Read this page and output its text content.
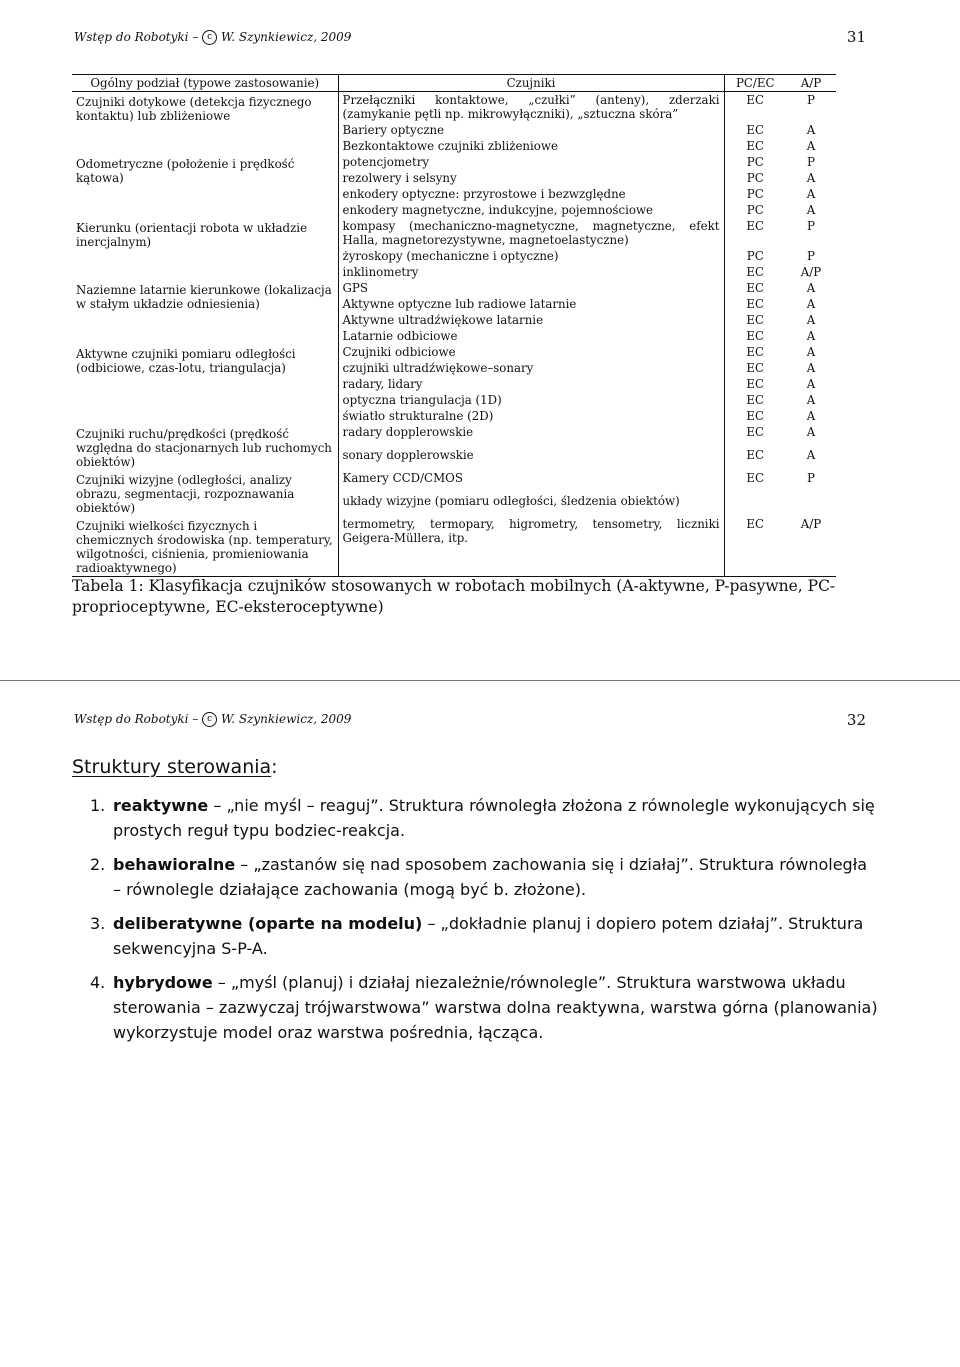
Wstęp do Robotyki – c W. Szynkiewicz, 2009	31
Ogólny podział (typowe zastosowanie)	Czujniki	PC/EC	A/P
Czujniki dotykowe (detekcja fizycznego kontaktu) lub zbliżeniowe	Przełączniki kontaktowe, „czułki” (anteny), zderzaki (zamykanie pętli np. mikrowyłączniki), „sztuczna skóra”	EC	P
	Bariery optyczne	EC	A
	Bezkontaktowe czujniki zbliżeniowe	EC	A
Odometryczne (położenie i prędkość kątowa)	potencjometry	PC	P
	rezolwery i selsyny	PC	A
	enkodery optyczne: przyrostowe i bezwzględne	PC	A
	enkodery magnetyczne, indukcyjne, pojemnościowe	PC	A
Kierunku (orientacji robota w układzie inercjalnym)	kompasy (mechaniczno-magnetyczne, magnetyczne, efekt Halla, magnetorezystywne, magnetoelastyczne)	EC	P
	żyroskopy (mechaniczne i optyczne)	PC	P
	inklinometry	EC	A/P
Naziemne latarnie kierunkowe (lokalizacja w stałym układzie odniesienia)	GPS	EC	A
	Aktywne optyczne lub radiowe latarnie	EC	A
	Aktywne ultradźwiękowe latarnie	EC	A
	Latarnie odbiciowe	EC	A
Aktywne czujniki pomiaru odległości (odbiciowe, czas-lotu, triangulacja)	Czujniki odbiciowe	EC	A
	czujniki ultradźwiękowe–sonary	EC	A
	radary, lidary	EC	A
	optyczna triangulacja (1D)	EC	A
	światło strukturalne (2D)	EC	A
Czujniki ruchu/prędkości (prędkość względna do stacjonarnych lub ruchomych obiektów)	radary dopplerowskie	EC	A
	sonary dopplerowskie	EC	A
Czujniki wizyjne (odległości, analizy obrazu, segmentacji, rozpoznawania obiektów)	Kamery CCD/CMOS	EC	P
	układy wizyjne (pomiaru odległości, śledzenia obiektów)		
Czujniki wielkości fizycznych i chemicznych środowiska (np. temperatury, wilgotności, ciśnienia, promieniowania radioaktywnego)	termometry, termopary, higrometry, tensometry, liczniki Geigera-Müllera, itp.	EC	A/P
Tabela 1: Klasyfikacja czujników stosowanych w robotach mobilnych (A-aktywne, P-pasywne, PC-proprioceptywne, EC-eksteroceptywne)
Wstęp do Robotyki – c W. Szynkiewicz, 2009	32
Struktury sterowania:
1. reaktywne – „nie myśl – reaguj”. Struktura równoległa złożona z równolegle wykonujących się prostych reguł typu bodziec-reakcja.
2. behawioralne – „zastanów się nad sposobem zachowania się i działaj”. Struktura równoległa – równolegle działające zachowania (mogą być b. złożone).
3. deliberatywne (oparte na modelu) – „dokładnie planuj i dopiero potem działaj”. Struktura sekwencyjna S-P-A.
4. hybrydowe – „myśl (planuj) i działaj niezależnie/równolegle”. Struktura warstwowa układu sterowania – zazwyczaj trójwarstwowa” warstwa dolna reaktywna, warstwa górna (planowania) wykorzystuje model oraz warstwa pośrednia, łącząca.
